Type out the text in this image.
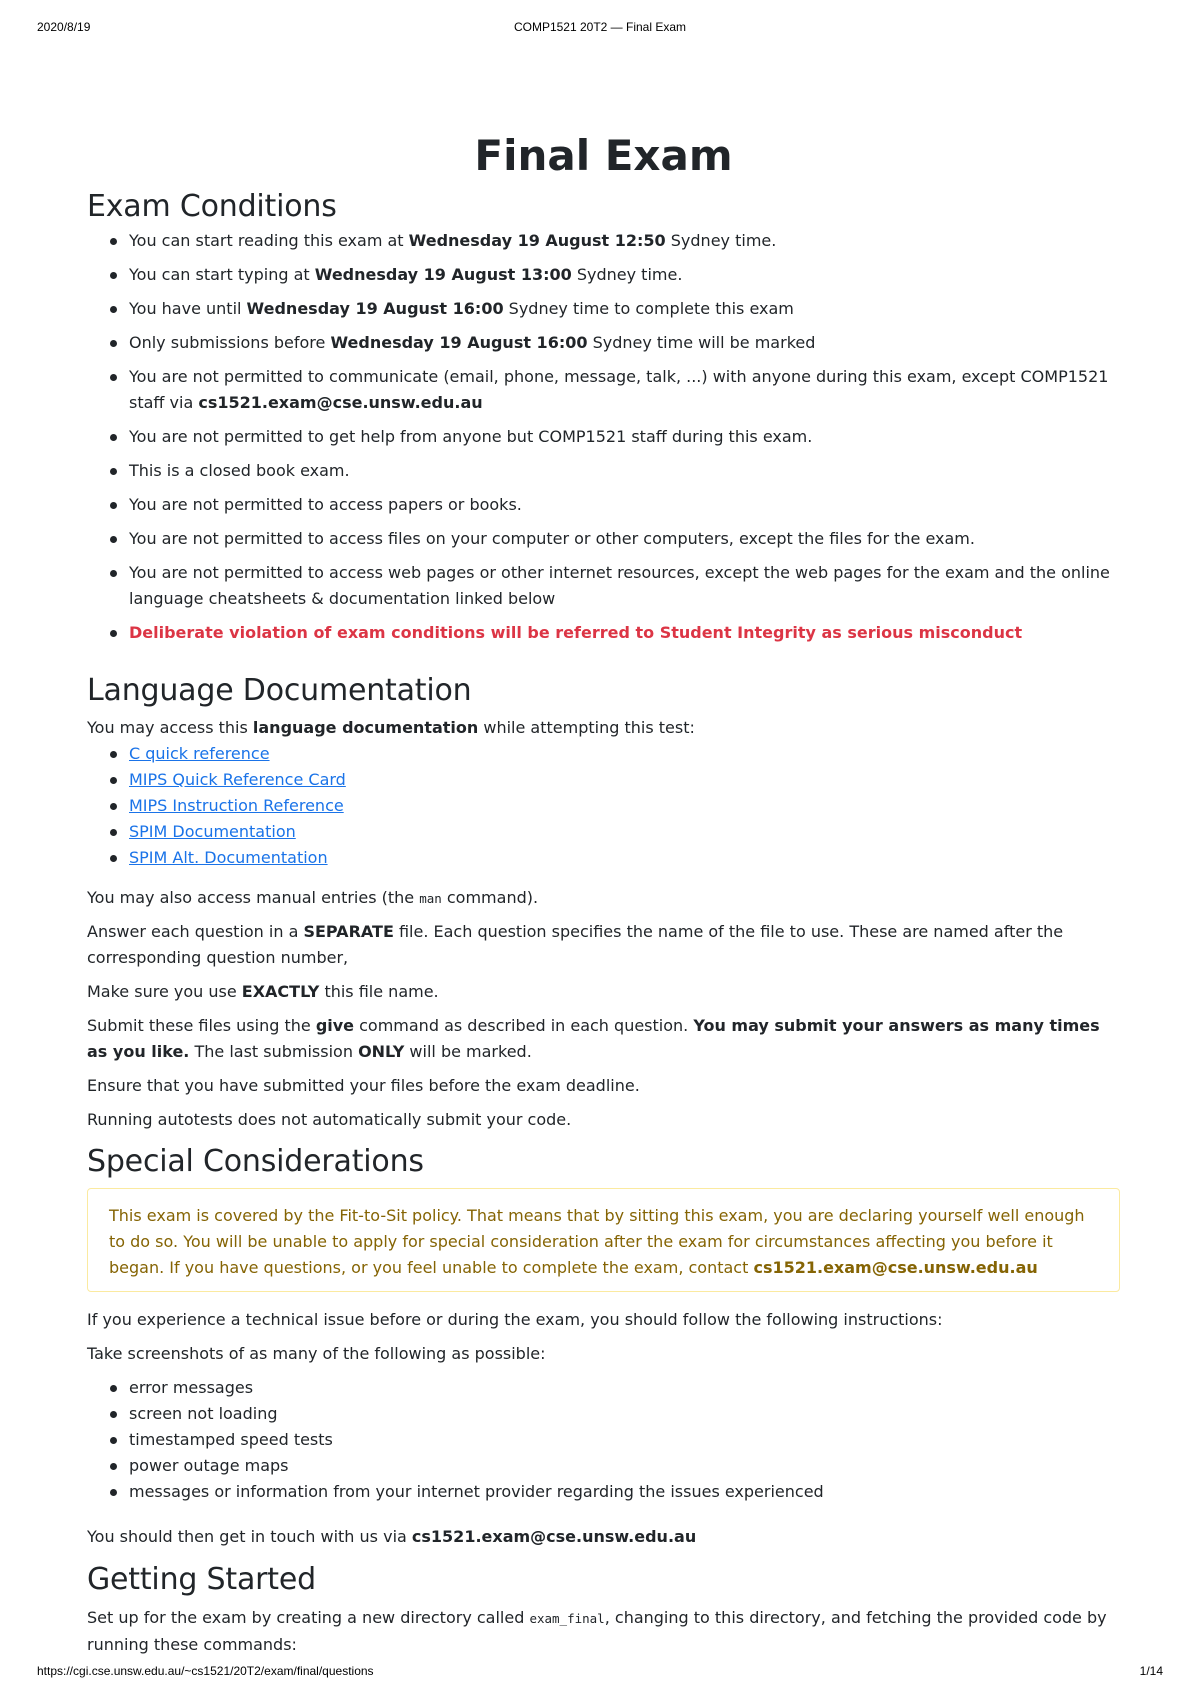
2020/8/19	COMP1521 20T2 — Final Exam
Final Exam
Exam Conditions
You can start reading this exam at Wednesday 19 August 12:50 Sydney time.
You can start typing at Wednesday 19 August 13:00 Sydney time.
You have until Wednesday 19 August 16:00 Sydney time to complete this exam
Only submissions before Wednesday 19 August 16:00 Sydney time will be marked
You are not permitted to communicate (email, phone, message, talk, ...) with anyone during this exam, except COMP1521 staff via cs1521.exam@cse.unsw.edu.au
You are not permitted to get help from anyone but COMP1521 staff during this exam.
This is a closed book exam.
You are not permitted to access papers or books.
You are not permitted to access files on your computer or other computers, except the files for the exam.
You are not permitted to access web pages or other internet resources, except the web pages for the exam and the online language cheatsheets & documentation linked below
Deliberate violation of exam conditions will be referred to Student Integrity as serious misconduct
Language Documentation

You may access this language documentation while attempting this test:

C quick reference
MIPS Quick Reference Card
MIPS Instruction Reference
SPIM Documentation
SPIM Alt. Documentation

You may also access manual entries (the man command).

Answer each question in a SEPARATE file. Each question specifies the name of the file to use. These are named after the corresponding question number,

Make sure you use EXACTLY this file name.

Submit these files using the give command as described in each question. You may submit your answers as many times as you like. The last submission ONLY will be marked.

Ensure that you have submitted your files before the exam deadline.

Running autotests does not automatically submit your code.

Special Considerations
This exam is covered by the Fit-to-Sit policy. That means that by sitting this exam, you are declaring yourself well enough to do so. You will be unable to apply for special consideration after the exam for circumstances affecting you before it began. If you have questions, or you feel unable to complete the exam, contact cs1521.exam@cse.unsw.edu.au

If you experience a technical issue before or during the exam, you should follow the following instructions:

Take screenshots of as many of the following as possible:

error messages
screen not loading
timestamped speed tests
power outage maps
messages or information from your internet provider regarding the issues experienced

You should then get in touch with us via cs1521.exam@cse.unsw.edu.au

Getting Started

Set up for the exam by creating a new directory called exam_final, changing to this directory, and fetching the provided code by running these commands:

https://cgi.cse.unsw.edu.au/~cs1521/20T2/exam/final/questions	1/14
